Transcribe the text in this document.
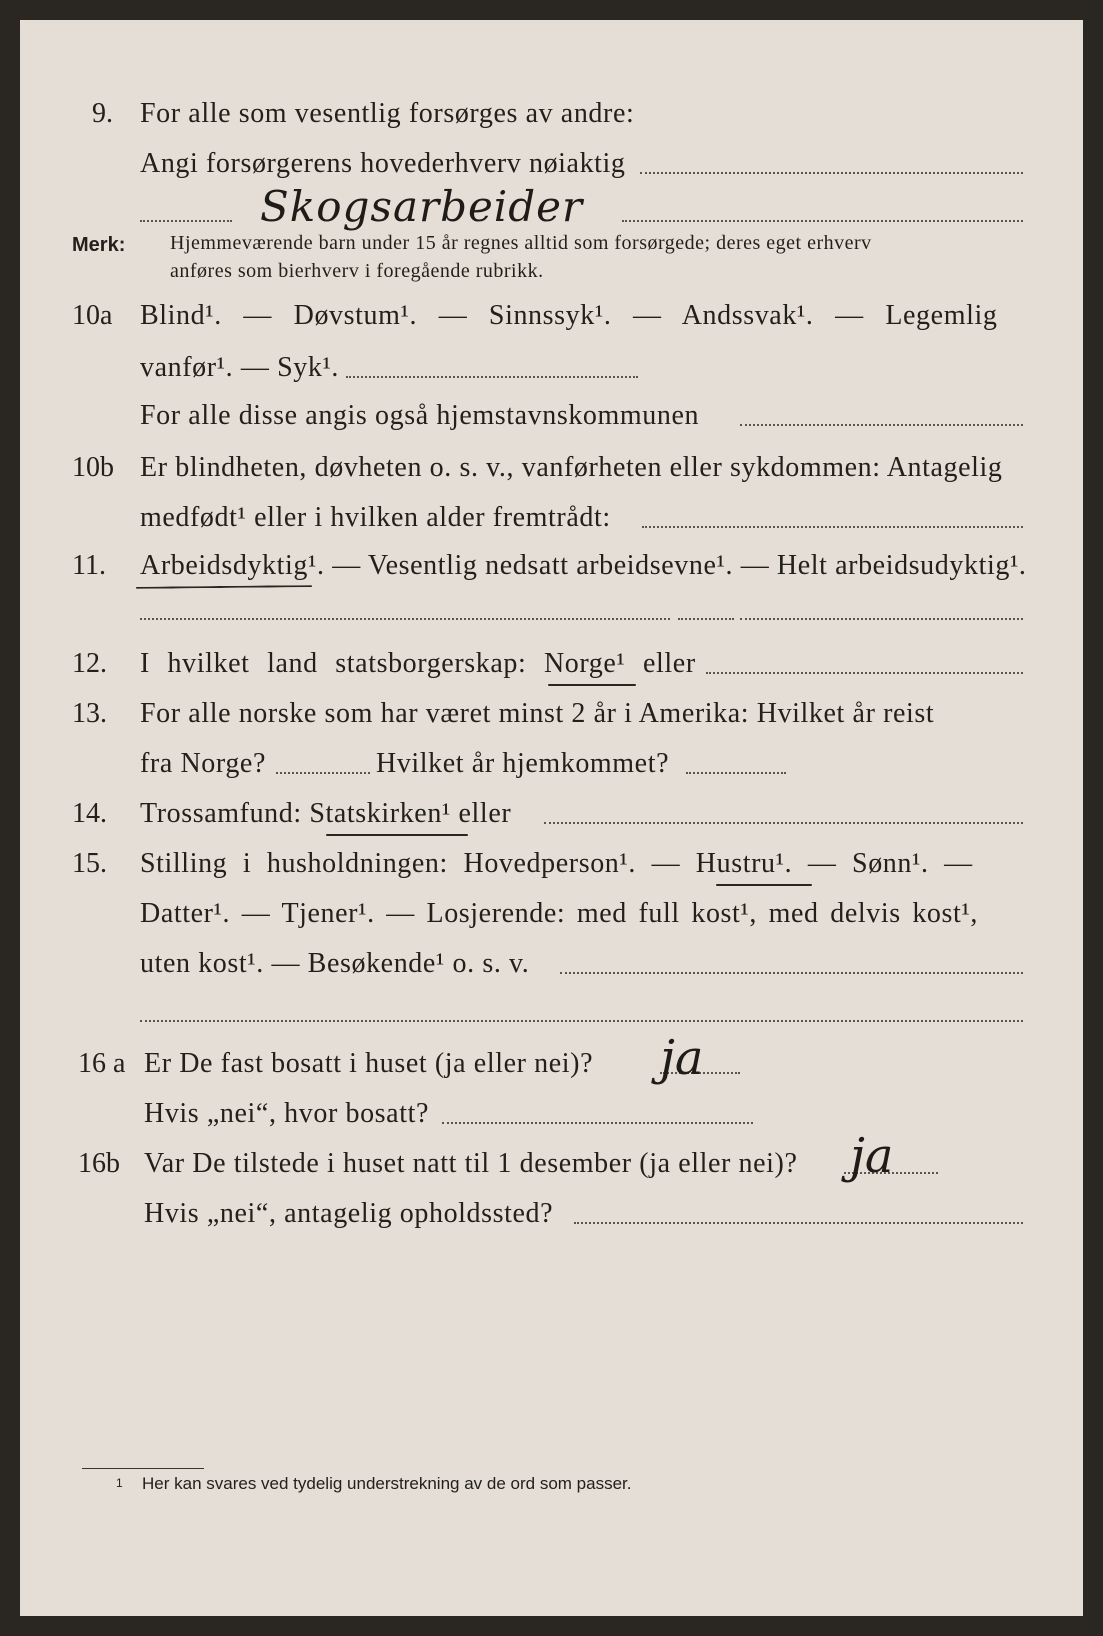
9. For alle som vesentlig forsørges av andre:
Angi forsørgerens hovederhverv nøiaktig
Skogsarbeider
Merk: Hjemmeværende barn under 15 år regnes alltid som forsørgede; deres eget erhverv
anføres som bierhverv i foregående rubrikk.
10a Blind¹. — Døvstum¹. — Sinnssyk¹. — Andssvak¹. — Legemlig
vanfør¹. — Syk¹.
For alle disse angis også hjemstavnskommunen
10b Er blindheten, døvheten o. s. v., vanførheten eller sykdommen: Antagelig
medfødt¹ eller i hvilken alder fremtrådt:
11. Arbeidsdyktig¹. — Vesentlig nedsatt arbeidsevne¹. — Helt arbeidsudyktig¹.
12. I hvilket land statsborgerskap: Norge¹ eller
13. For alle norske som har været minst 2 år i Amerika: Hvilket år reist
fra Norge?	Hvilket år hjemkommet?
14. Trossamfund: Statskirken¹ eller
15. Stilling i husholdningen: Hovedperson¹. — Hustru¹. — Sønn¹. —
Datter¹. — Tjener¹. — Losjerende: med full kost¹, med delvis kost¹,
uten kost¹. — Besøkende¹ o. s. v.
16 a Er De fast bosatt i huset (ja eller nei)? ja
Hvis „nei“, hvor bosatt?
16b Var De tilstede i huset natt til 1 desember (ja eller nei)? ja
Hvis „nei“, antagelig opholdssted?
1 Her kan svares ved tydelig understrekning av de ord som passer.
